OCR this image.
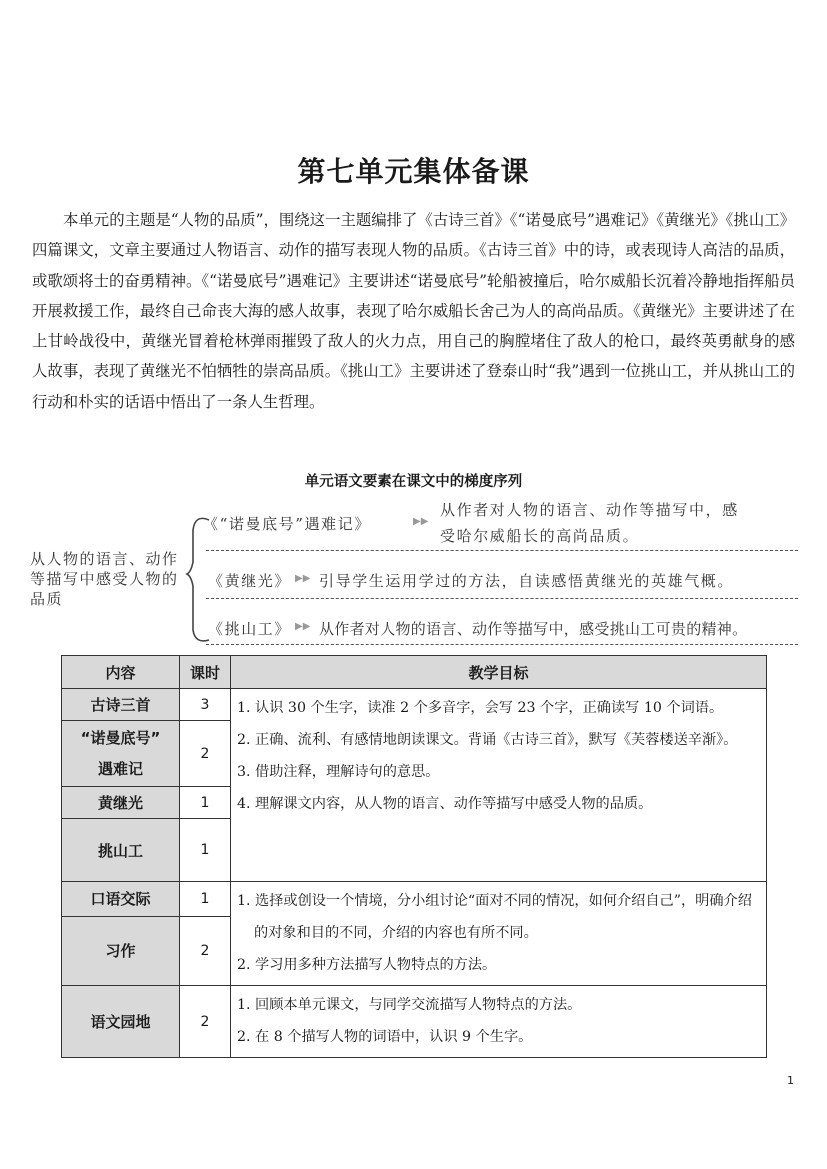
第七单元集体备课
本单元的主题是“人物的品质”，围绕这一主题编排了《古诗三首》《“诺曼底号”遇难记》《黄继光》《挑山工》四篇课文，文章主要通过人物语言、动作的描写表现人物的品质。《古诗三首》中的诗，或表现诗人高洁的品质，或歌颂将士的奋勇精神。《“诺曼底号”遇难记》主要讲述“诺曼底号”轮船被撞后，哈尔威船长沉着冷静地指挥船员开展救援工作，最终自己命丧大海的感人故事，表现了哈尔威船长舍己为人的高尚品质。《黄继光》主要讲述了在上甘岭战役中，黄继光冒着枪林弹雨摧毁了敌人的火力点，用自己的胸膛堵住了敌人的枪口，最终英勇献身的感人故事，表现了黄继光不怕牺牲的崇高品质。《挑山工》主要讲述了登泰山时“我”遇到一位挑山工，并从挑山工的行动和朴实的话语中悟出了一条人生哲理。
单元语文要素在课文中的梯度序列
从人物的语言、动作等描写中感受人物的品质
《“诺曼底号”遇难记》	▶▶
从作者对人物的语言、动作等描写中，感
受哈尔威船长的高尚品质。
《黄继光》 ▶▶ 引导学生运用学过的方法，自读感悟黄继光的英雄气概。
《挑山工》 ▶▶ 从作者对人物的语言、动作等描写中，感受挑山工可贵的精神。
内容	课时	教学目标
古诗三首	3	1. 认识 30 个生字，读准 2 个多音字，会写 23 个字，正确读写 10 个词语。
2. 正确、流利、有感情地朗读课文。背诵《古诗三首》，默写《芙蓉楼送辛渐》。
3. 借助注释，理解诗句的意思。
4. 理解课文内容，从人物的语言、动作等描写中感受人物的品质。

“诺曼底号”
遇难记	2	
黄继光	1	
挑山工	1	
口语交际	1	1. 选择或创设一个情境，分小组讨论“面对不同的情况，如何介绍自己”，明确介绍的对象和目的不同，介绍的内容也有所不同。
2. 学习用多种方法描写人物特点的方法。

习作	2	
语文园地	2	1. 回顾本单元课文，与同学交流描写人物特点的方法。
2. 在 8 个描写人物的词语中，认识 9 个生字。
1
